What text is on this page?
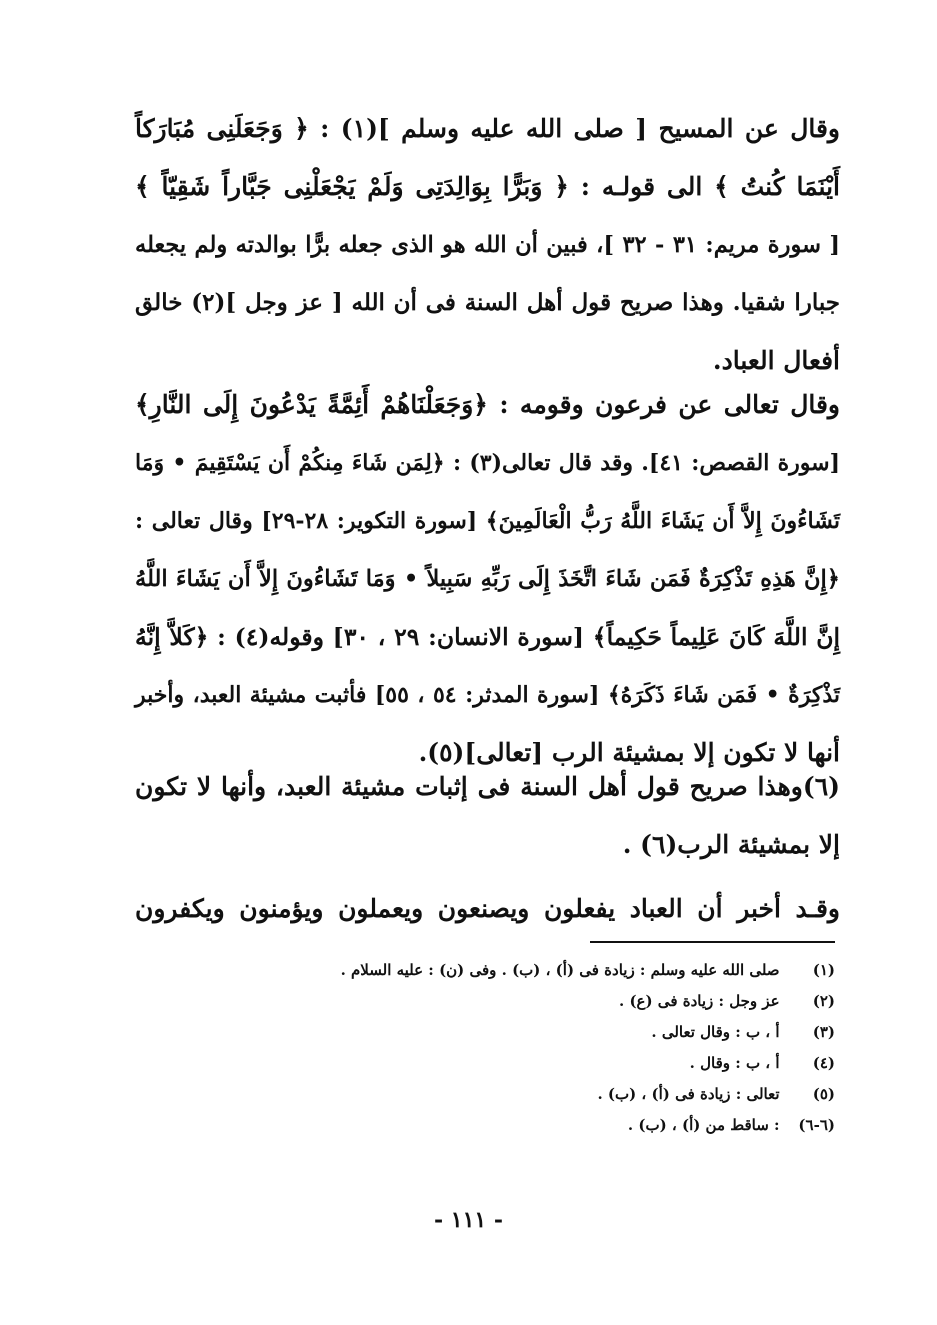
وقال عن المسيح [ صلى الله عليه وسلم ](١) : ﴿ وَجَعَلَنِى مُبَارَكاً
أَيْنَمَا كُنتُ ﴾ الى قولـه : ﴿ وَبَرًّا بِوَالِدَتِى وَلَمْ يَجْعَلْنِى جَبَّاراً شَقِيّاً ﴾
[ سورة مريم: ٣١ - ٣٢ ]، فبين أن الله هو الذى جعله برًّا بوالدته ولم يجعله
جبارا شقيا. وهذا صريح قول أهل السنة فى أن الله [ عز وجل ](٢) خالق
أفعال العباد.
وقال تعالى عن فرعون وقومه : ﴿وَجَعَلْنَاهُمْ أَئِمَّةً يَدْعُونَ إِلَى النَّارِ﴾
[سورة القصص: ٤١]. وقد قال تعالى(٣) : ﴿لِمَن شَاءَ مِنكُمْ أَن يَسْتَقِيمَ • وَمَا
تَشَاءُونَ إِلاَّ أَن يَشَاءَ اللَّهُ رَبُّ الْعَالَمِينَ﴾ [سورة التكوير: ٢٨-٢٩] وقال تعالى :
﴿إِنَّ هَذِهِ تَذْكِرَةٌ فَمَن شَاءَ اتَّخَذَ إِلَى رَبِّهِ سَبِيلاً • وَمَا تَشَاءُونَ إِلاَّ أَن يَشَاءَ اللَّهُ
إِنَّ اللَّهَ كَانَ عَلِيماً حَكِيماً﴾ [سورة الانسان: ٢٩ ، ٣٠] وقوله(٤) : ﴿كَلاَّ إِنَّهُ
تَذْكِرَةٌ • فَمَن شَاءَ ذَكَرَهُ﴾ [سورة المدثر: ٥٤ ، ٥٥] فأثبت مشيئة العبد، وأخبر
أنها لا تكون إلا بمشيئة الرب [تعالى](٥).
(٦)وهذا صريح قول أهل السنة فى إثبات مشيئة العبد، وأنها لا تكون
إلا بمشيئة الرب(٦) .
وقـد أخبر أن العباد يفعلون ويصنعون ويعملون ويؤمنون ويكفرون
(١)  صلى الله عليه وسلم : زيادة فى (أ) ، (ب) . وفى (ن) : عليه السلام .
(٢)  عز وجل : زيادة فى (ع) .
(٣)  أ ، ب : وقال تعالى .
(٤)  أ ، ب : وقال .
(٥)  تعالى : زيادة فى (أ) ، (ب) .
(٦-٦)  : ساقط من (أ) ، (ب) .
- ١١١ -
